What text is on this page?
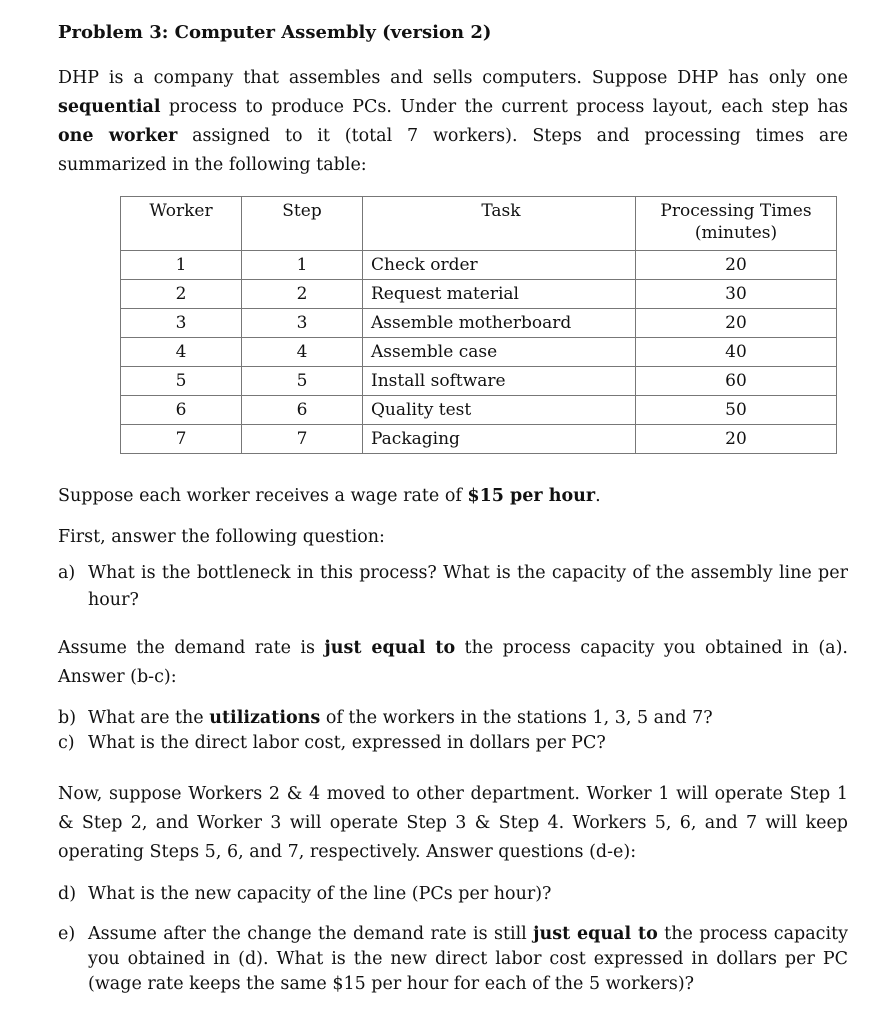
Problem 3: Computer Assembly (version 2)

DHP is a company that assembles and sells computers. Suppose DHP has only one sequential process to produce PCs. Under the current process layout, each step has one worker assigned to it (total 7 workers). Steps and processing times are summarized in the following table:

Worker	Step	Task	Processing Times
(minutes)
1	1	Check order	20
2	2	Request material	30
3	3	Assemble motherboard	20
4	4	Assemble case	40
5	5	Install software	60
6	6	Quality test	50
7	7	Packaging	20

Suppose each worker receives a wage rate of $15 per hour.

First, answer the following question:

a) What is the bottleneck in this process? What is the capacity of the assembly line per hour?

Assume the demand rate is just equal to the process capacity you obtained in (a). Answer (b-c):

b) What are the utilizations of the workers in the stations 1, 3, 5 and 7?
c) What is the direct labor cost, expressed in dollars per PC?

Now, suppose Workers 2 & 4 moved to other department. Worker 1 will operate Step 1 & Step 2, and Worker 3 will operate Step 3 & Step 4. Workers 5, 6, and 7 will keep operating Steps 5, 6, and 7, respectively. Answer questions (d-e):

d) What is the new capacity of the line (PCs per hour)?
e) Assume after the change the demand rate is still just equal to the process capacity you obtained in (d). What is the new direct labor cost expressed in dollars per PC (wage rate keeps the same $15 per hour for each of the 5 workers)?
